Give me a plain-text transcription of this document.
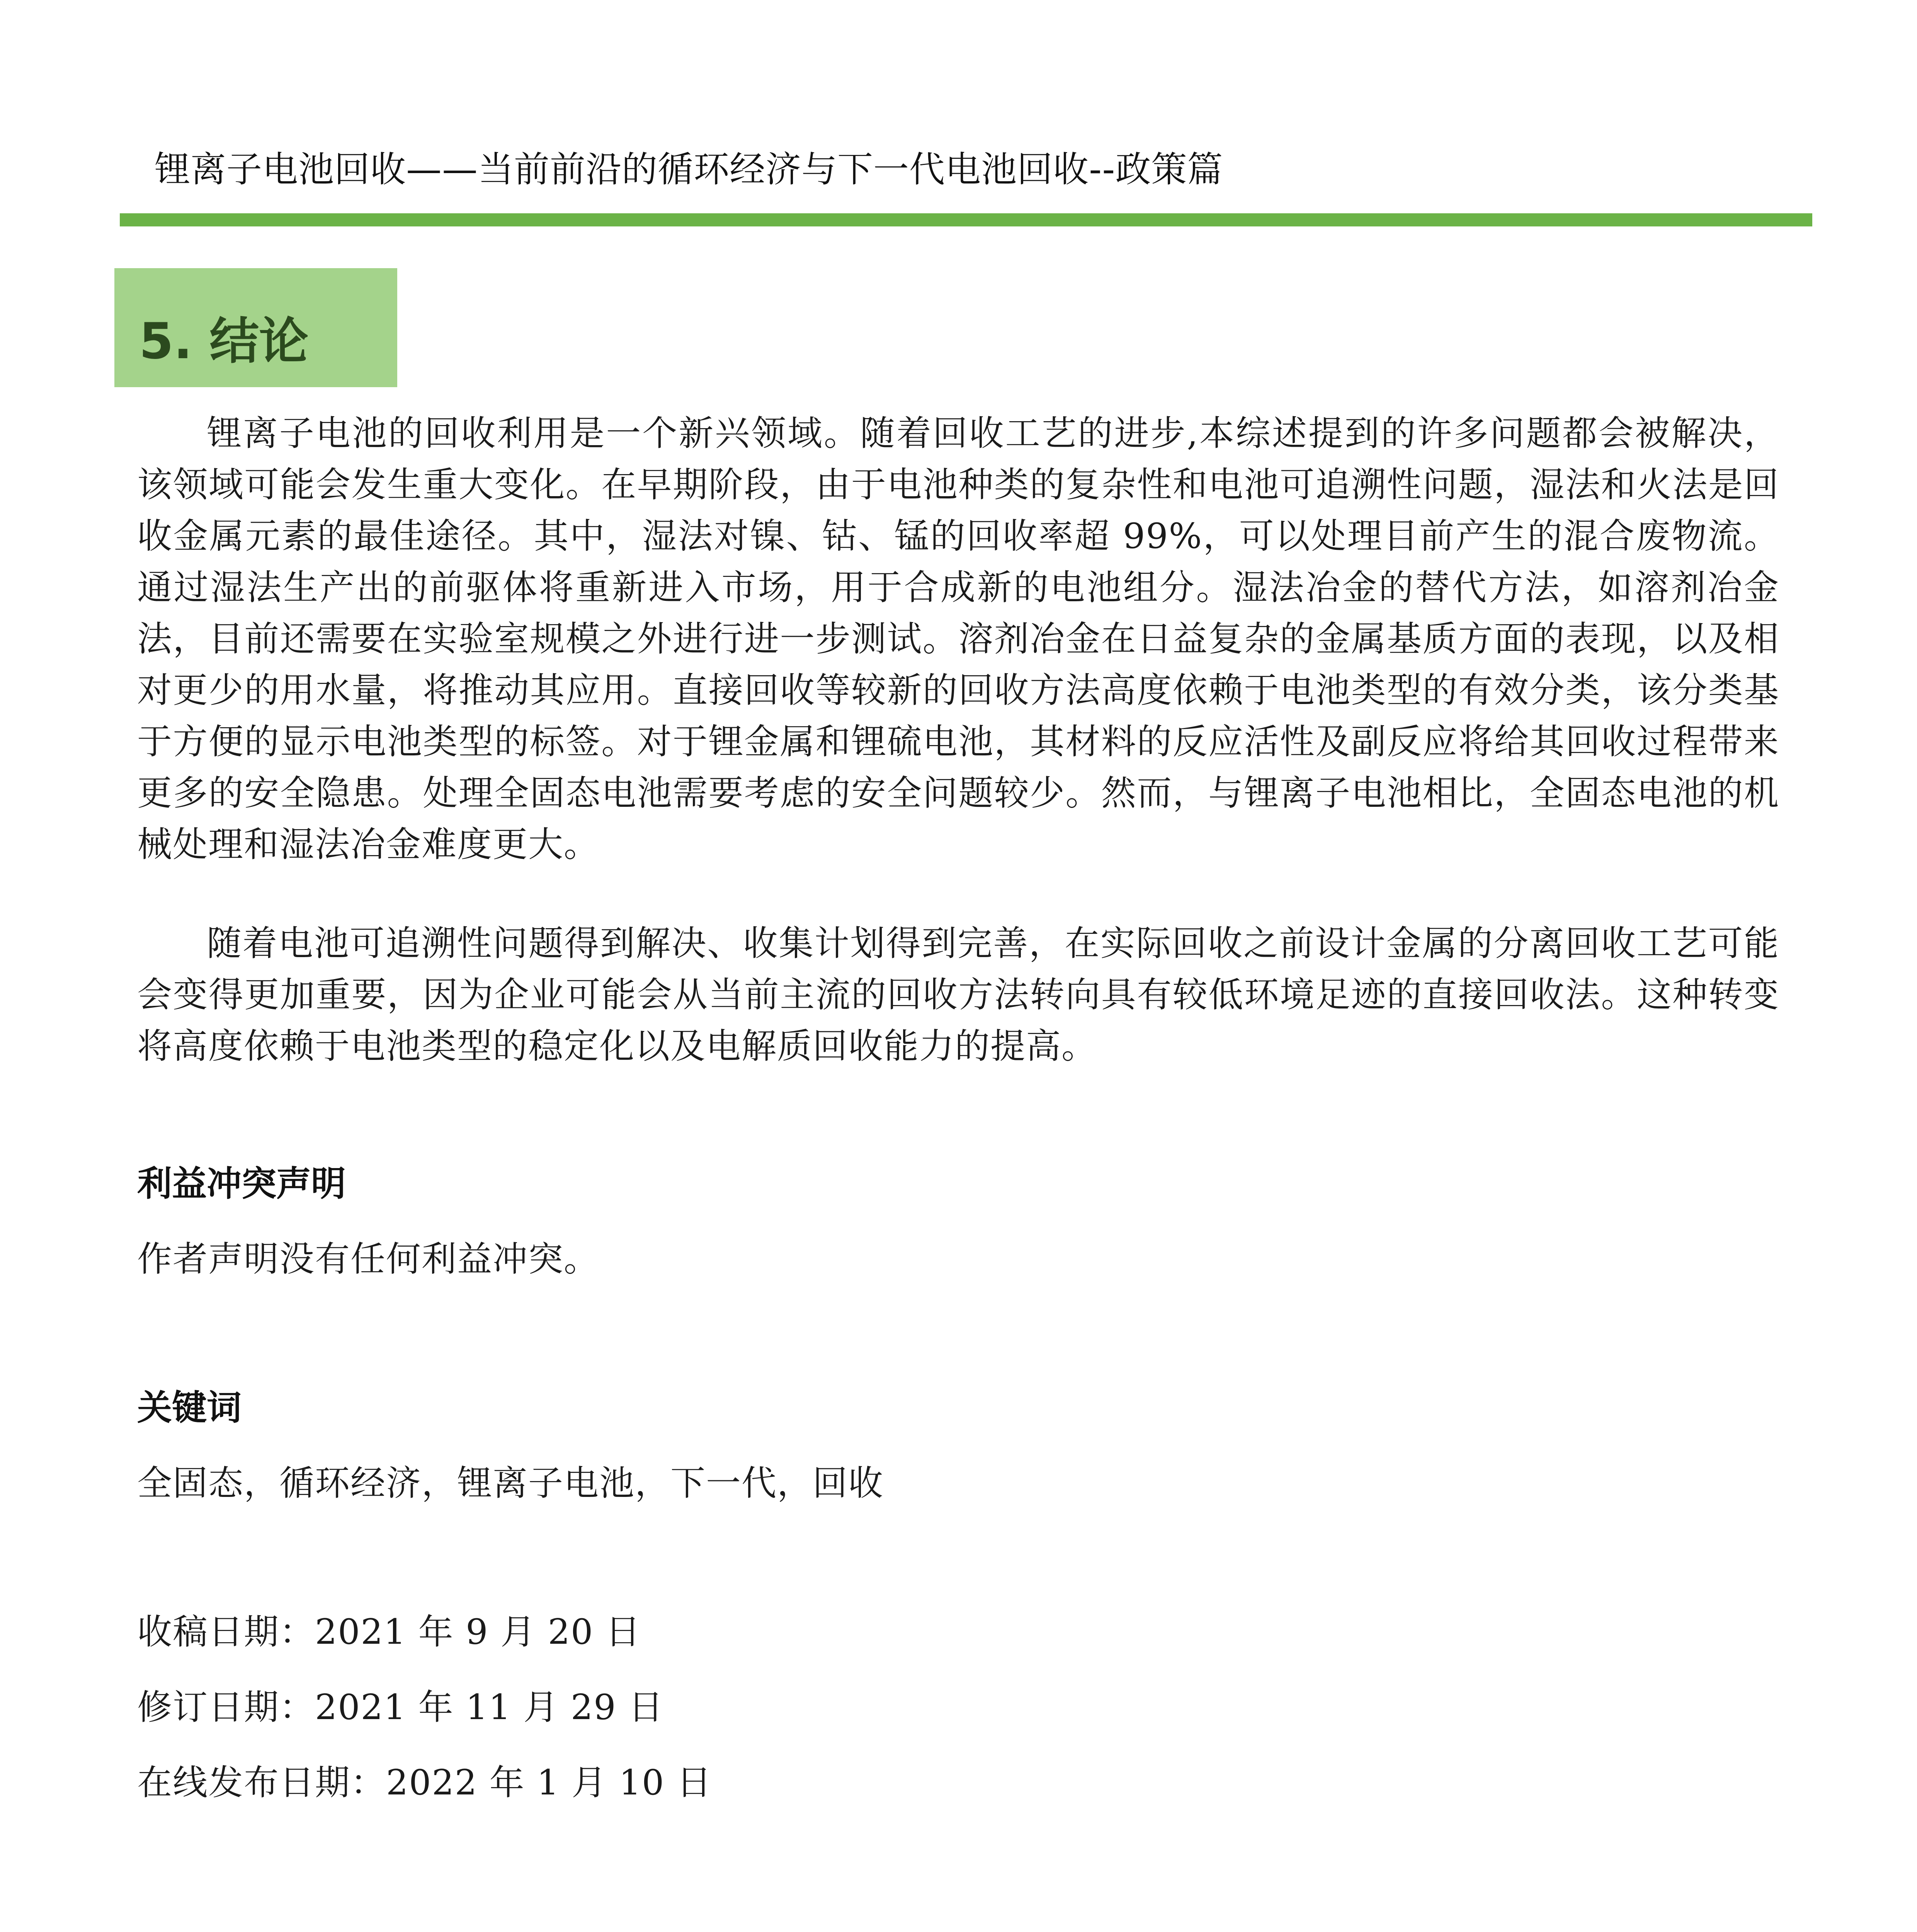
锂离子电池回收——当前前沿的循环经济与下一代电池回收--政策篇
5. 结论

锂离子电池的回收利用是一个新兴领域。随着回收工艺的进步,本综述提到的许多问题都会被解决，该领域可能会发生重大变化。在早期阶段，由于电池种类的复杂性和电池可追溯性问题，湿法和火法是回收金属元素的最佳途径。其中，湿法对镍、钴、锰的回收率超 99%，可以处理目前产生的混合废物流。通过湿法生产出的前驱体将重新进入市场，用于合成新的电池组分。湿法冶金的替代方法，如溶剂冶金法，目前还需要在实验室规模之外进行进一步测试。溶剂冶金在日益复杂的金属基质方面的表现，以及相对更少的用水量，将推动其应用。直接回收等较新的回收方法高度依赖于电池类型的有效分类，该分类基于方便的显示电池类型的标签。对于锂金属和锂硫电池，其材料的反应活性及副反应将给其回收过程带来更多的安全隐患。处理全固态电池需要考虑的安全问题较少。然而，与锂离子电池相比，全固态电池的机械处理和湿法冶金难度更大。

随着电池可追溯性问题得到解决、收集计划得到完善，在实际回收之前设计金属的分离回收工艺可能会变得更加重要，因为企业可能会从当前主流的回收方法转向具有较低环境足迹的直接回收法。这种转变将高度依赖于电池类型的稳定化以及电解质回收能力的提高。

利益冲突声明
作者声明没有任何利益冲突。
关键词
全固态，循环经济，锂离子电池，下一代，回收
收稿日期：2021 年 9 月 20 日
修订日期：2021 年 11 月 29 日
在线发布日期：2022 年 1 月 10 日
